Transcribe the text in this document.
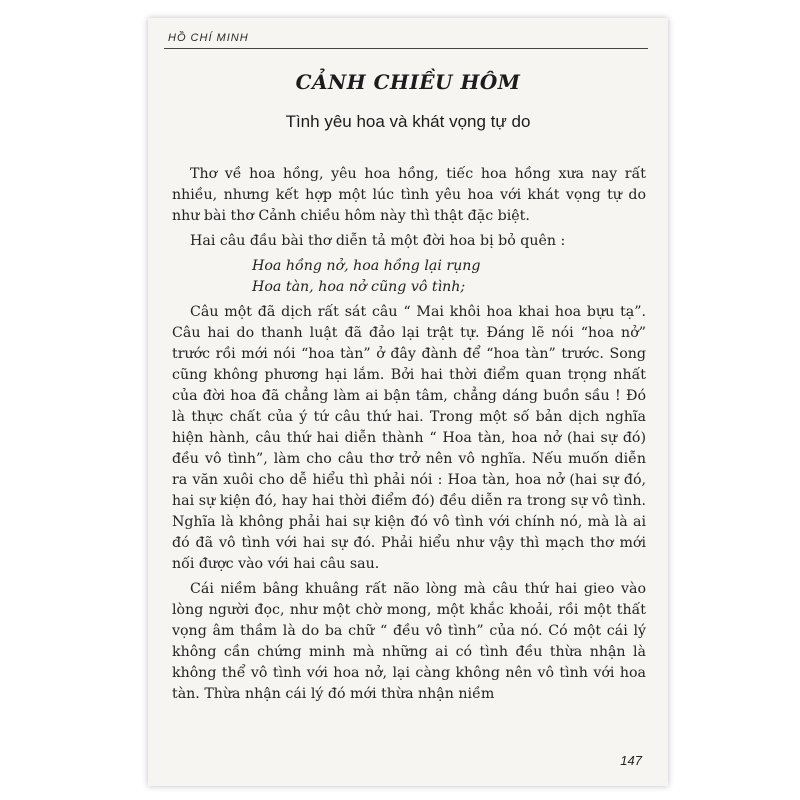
HỒ CHÍ MINH
CẢNH CHIỀU HÔM
Tình yêu hoa và khát vọng tự do

Thơ về hoa hồng, yêu hoa hồng, tiếc hoa hồng xưa nay rất nhiều, nhưng kết hợp một lúc tình yêu hoa với khát vọng tự do như bài thơ Cảnh chiều hôm này thì thật đặc biệt.

Hai câu đầu bài thơ diễn tả một đời hoa bị bỏ quên :

Hoa hồng nở, hoa hồng lại rụng

Hoa tàn, hoa nở cũng vô tình;

Câu một đã dịch rất sát câu “ Mai khôi hoa khai hoa bựu tạ”. Câu hai do thanh luật đã đảo lại trật tự. Đáng lẽ nói “hoa nở” trước rồi mới nói “hoa tàn” ở đây đành để “hoa tàn” trước. Song cũng không phương hại lắm. Bởi hai thời điểm quan trọng nhất của đời hoa đã chẳng làm ai bận tâm, chẳng dáng buồn sầu ! Đó là thực chất của ý tứ câu thứ hai. Trong một số bản dịch nghĩa hiện hành, câu thứ hai diễn thành “ Hoa tàn, hoa nở (hai sự đó) đều vô tình”, làm cho câu thơ trở nên vô nghĩa. Nếu muốn diễn ra văn xuôi cho dễ hiểu thì phải nói : Hoa tàn, hoa nở (hai sự đó, hai sự kiện đó, hay hai thời điểm đó) đều diễn ra trong sự vô tình. Nghĩa là không phải hai sự kiện đó vô tình với chính nó, mà là ai đó đã vô tình với hai sự đó. Phải hiểu như vậy thì mạch thơ mới nối được vào với hai câu sau.

Cái niềm bâng khuâng rất não lòng mà câu thứ hai gieo vào lòng người đọc, như một chờ mong, một khắc khoải, rồi một thất vọng âm thầm là do ba chữ “ đều vô tình” của nó. Có một cái lý không cần chứng minh mà những ai có tình đều thừa nhận là không thể vô tình với hoa nở, lại càng không nên vô tình với hoa tàn. Thừa nhận cái lý đó mới thừa nhận niềm

147
